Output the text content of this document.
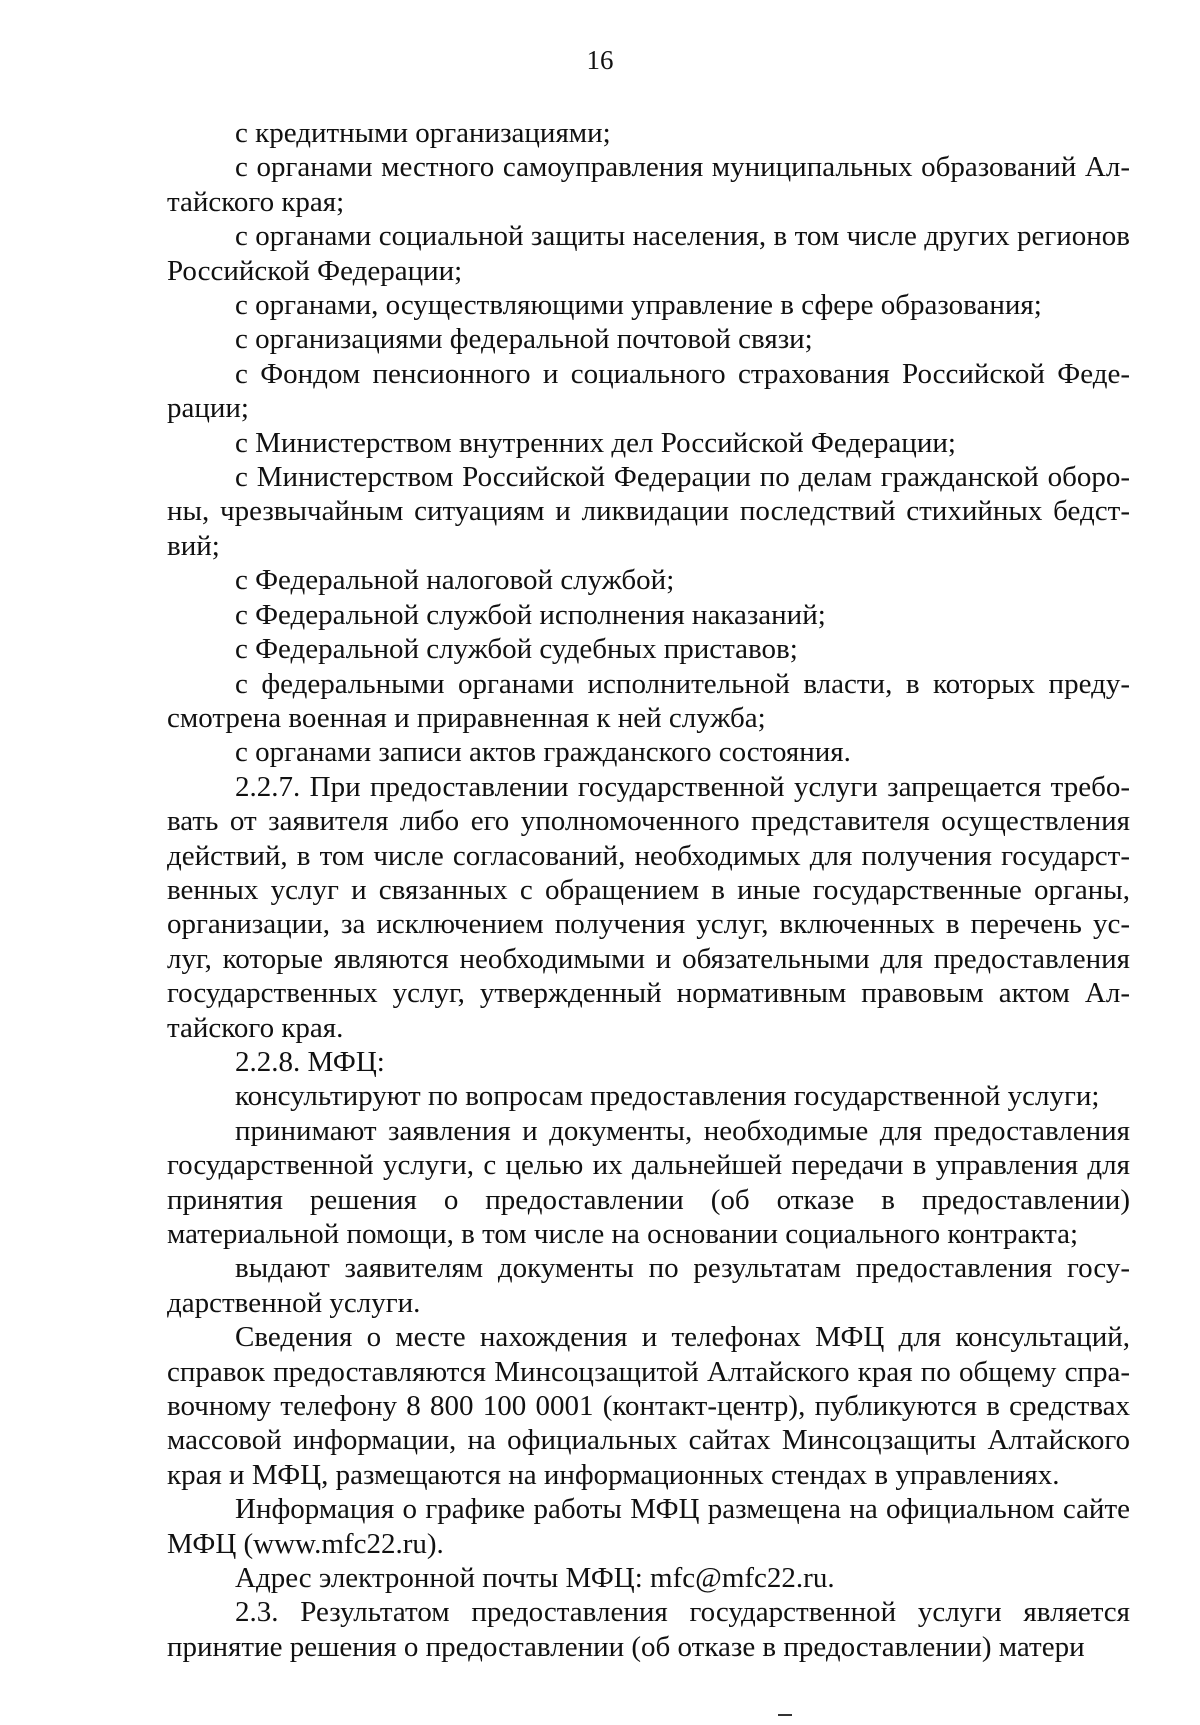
16

с кредитными организациями;

с органами местного самоуправления муниципальных образований Алтайского края;

с органами социальной защиты населения, в том числе других регионов Российской Федерации;

с органами, осуществляющими управление в сфере образования;

с организациями федеральной почтовой связи;

с Фондом пенсионного и социального страхования Российской Федерации;

с Министерством внутренних дел Российской Федерации;

с Министерством Российской Федерации по делам гражданской обороны, чрезвычайным ситуациям и ликвидации последствий стихийных бедствий;

с Федеральной налоговой службой;

с Федеральной службой исполнения наказаний;

с Федеральной службой судебных приставов;

с федеральными органами исполнительной власти, в которых предусмотрена военная и приравненная к ней служба;

с органами записи актов гражданского состояния.

2.2.7. При предоставлении государственной услуги запрещается требовать от заявителя либо его уполномоченного представителя осуществления действий, в том числе согласований, необходимых для получения государственных услуг и связанных с обращением в иные государственные органы, организации, за исключением получения услуг, включенных в перечень услуг, которые являются необходимыми и обязательными для предоставления государственных услуг, утвержденный нормативным правовым актом Алтайского края.

2.2.8. МФЦ:

консультируют по вопросам предоставления государственной услуги;

принимают заявления и документы, необходимые для предоставления государственной услуги, с целью их дальнейшей передачи в управления для принятия решения о предоставлении (об отказе в предоставлении) материальной помощи, в том числе на основании социального контракта;

выдают заявителям документы по результатам предоставления государственной услуги.

Сведения о месте нахождения и телефонах МФЦ для консультаций, справок предоставляются Минсоцзащитой Алтайского края по общему справочному телефону 8 800 100 0001 (контакт-центр), публикуются в средствах массовой информации, на официальных сайтах Минсоцзащиты Алтайского края и МФЦ, размещаются на информационных стендах в управлениях.

Информация о графике работы МФЦ размещена на официальном сайте МФЦ (www.mfc22.ru).

Адрес электронной почты МФЦ: mfc@mfc22.ru.

2.3. Результатом предоставления государственной услуги является принятие решения о предоставлении (об отказе в предоставлении) матери
